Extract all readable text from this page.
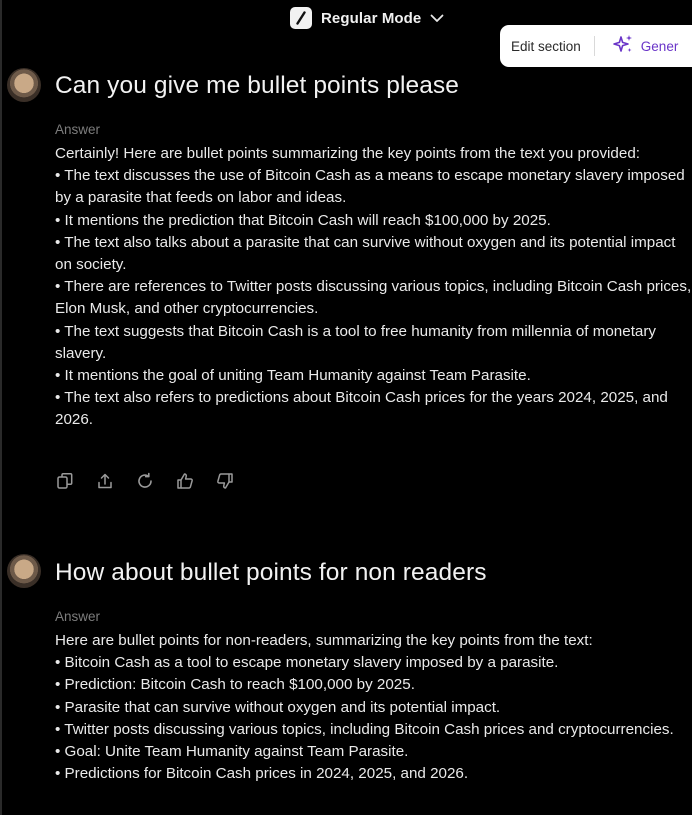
Regular Mode
Edit section	Gener
Can you give me bullet points please
Answer

Certainly! Here are bullet points summarizing the key points from the text you provided:

• The text discusses the use of Bitcoin Cash as a means to escape monetary slavery imposed by a parasite that feeds on labor and ideas.

• It mentions the prediction that Bitcoin Cash will reach $100,000 by 2025.

• The text also talks about a parasite that can survive without oxygen and its potential impact on society.

• There are references to Twitter posts discussing various topics, including Bitcoin Cash prices, Elon Musk, and other cryptocurrencies.

• The text suggests that Bitcoin Cash is a tool to free humanity from millennia of monetary slavery.

• It mentions the goal of uniting Team Humanity against Team Parasite.

• The text also refers to predictions about Bitcoin Cash prices for the years 2024, 2025, and 2026.

How about bullet points for non readers
Answer

Here are bullet points for non-readers, summarizing the key points from the text:

• Bitcoin Cash as a tool to escape monetary slavery imposed by a parasite.

• Prediction: Bitcoin Cash to reach $100,000 by 2025.

• Parasite that can survive without oxygen and its potential impact.

• Twitter posts discussing various topics, including Bitcoin Cash prices and cryptocurrencies.

• Goal: Unite Team Humanity against Team Parasite.

• Predictions for Bitcoin Cash prices in 2024, 2025, and 2026.
